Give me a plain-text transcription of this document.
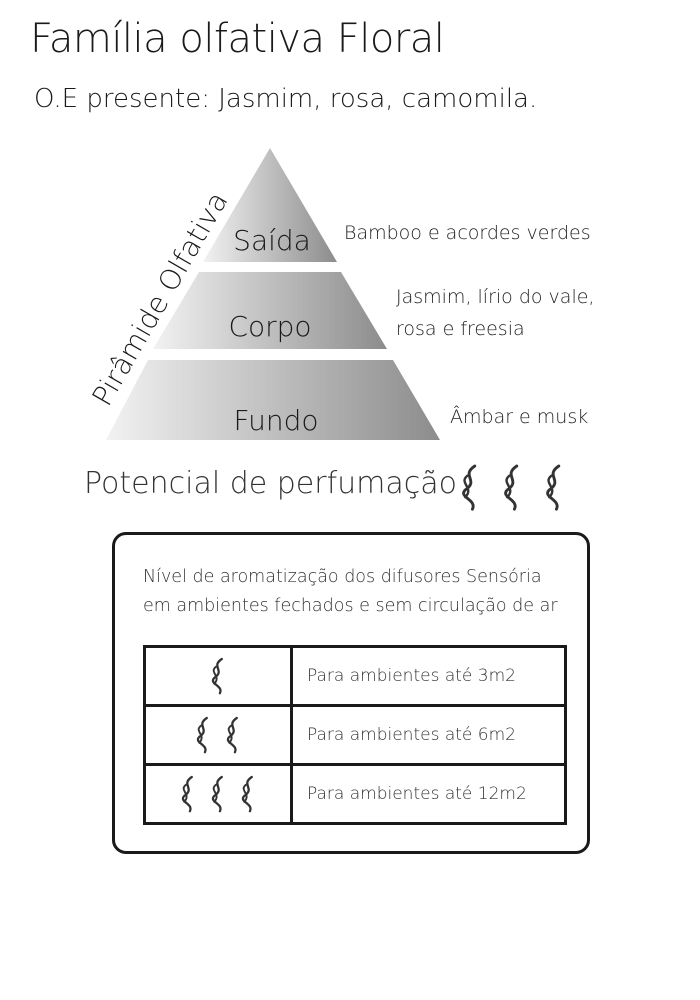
Família olfativa Floral
O.E presente: Jasmim, rosa, camomila.
Pirâmide Olfativa
Saída
Corpo
Fundo
Bamboo e acordes verdes
Jasmim, lírio do vale,
rosa e freesia
Âmbar e musk
Potencial de perfumação
Nível de aromatização dos difusores Sensória
em ambientes fechados e sem circulação de ar
	Para ambientes até 3m2
	Para ambientes até 6m2
	Para ambientes até 12m2
